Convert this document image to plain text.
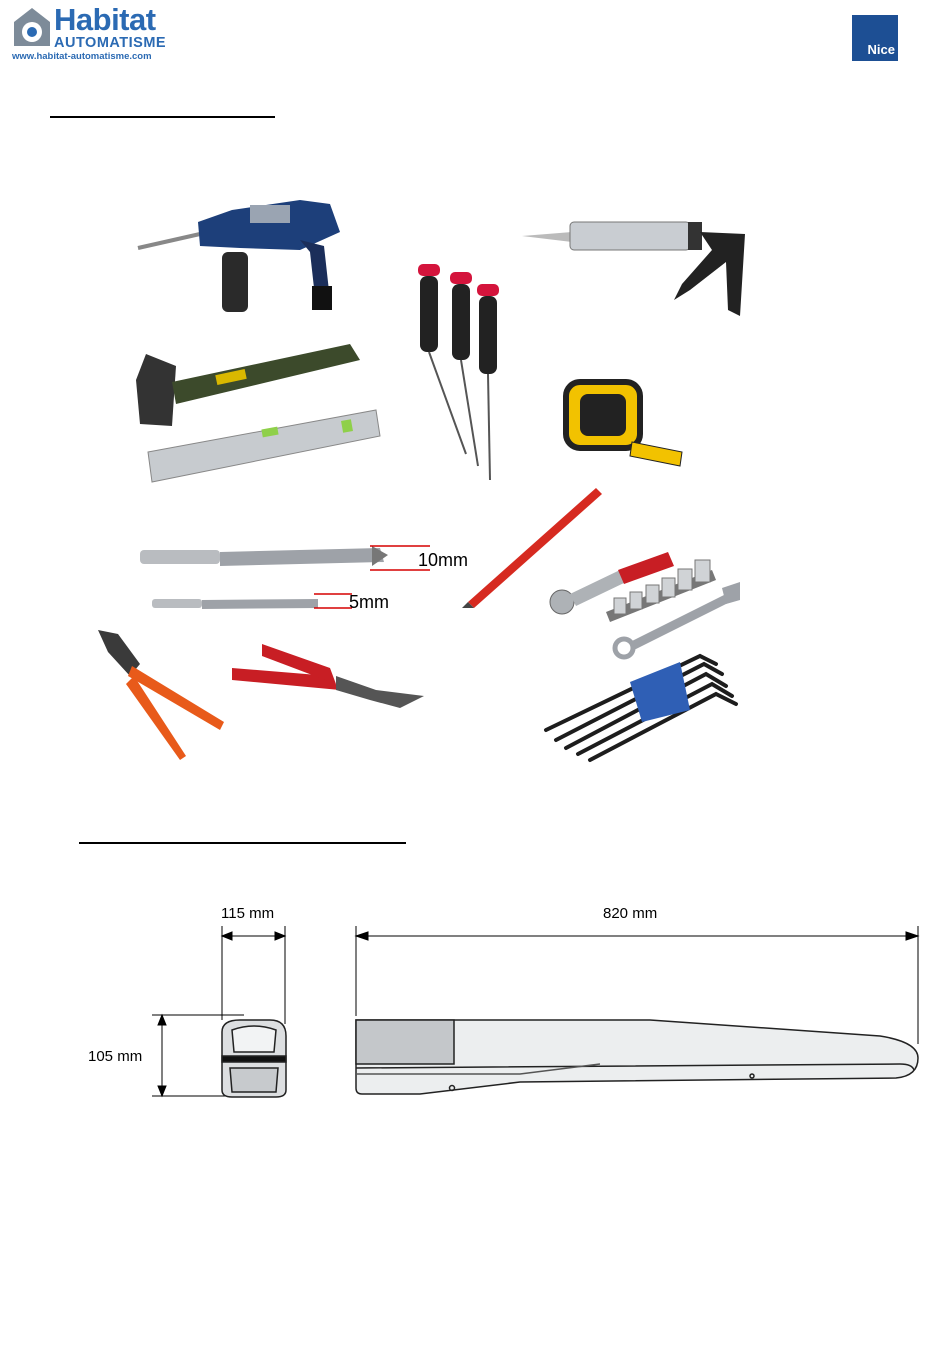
Habitat
AUTOMATISME
www.habitat-automatisme.com	Nice
10mm
5mm
115 mm
105 mm
820 mm
